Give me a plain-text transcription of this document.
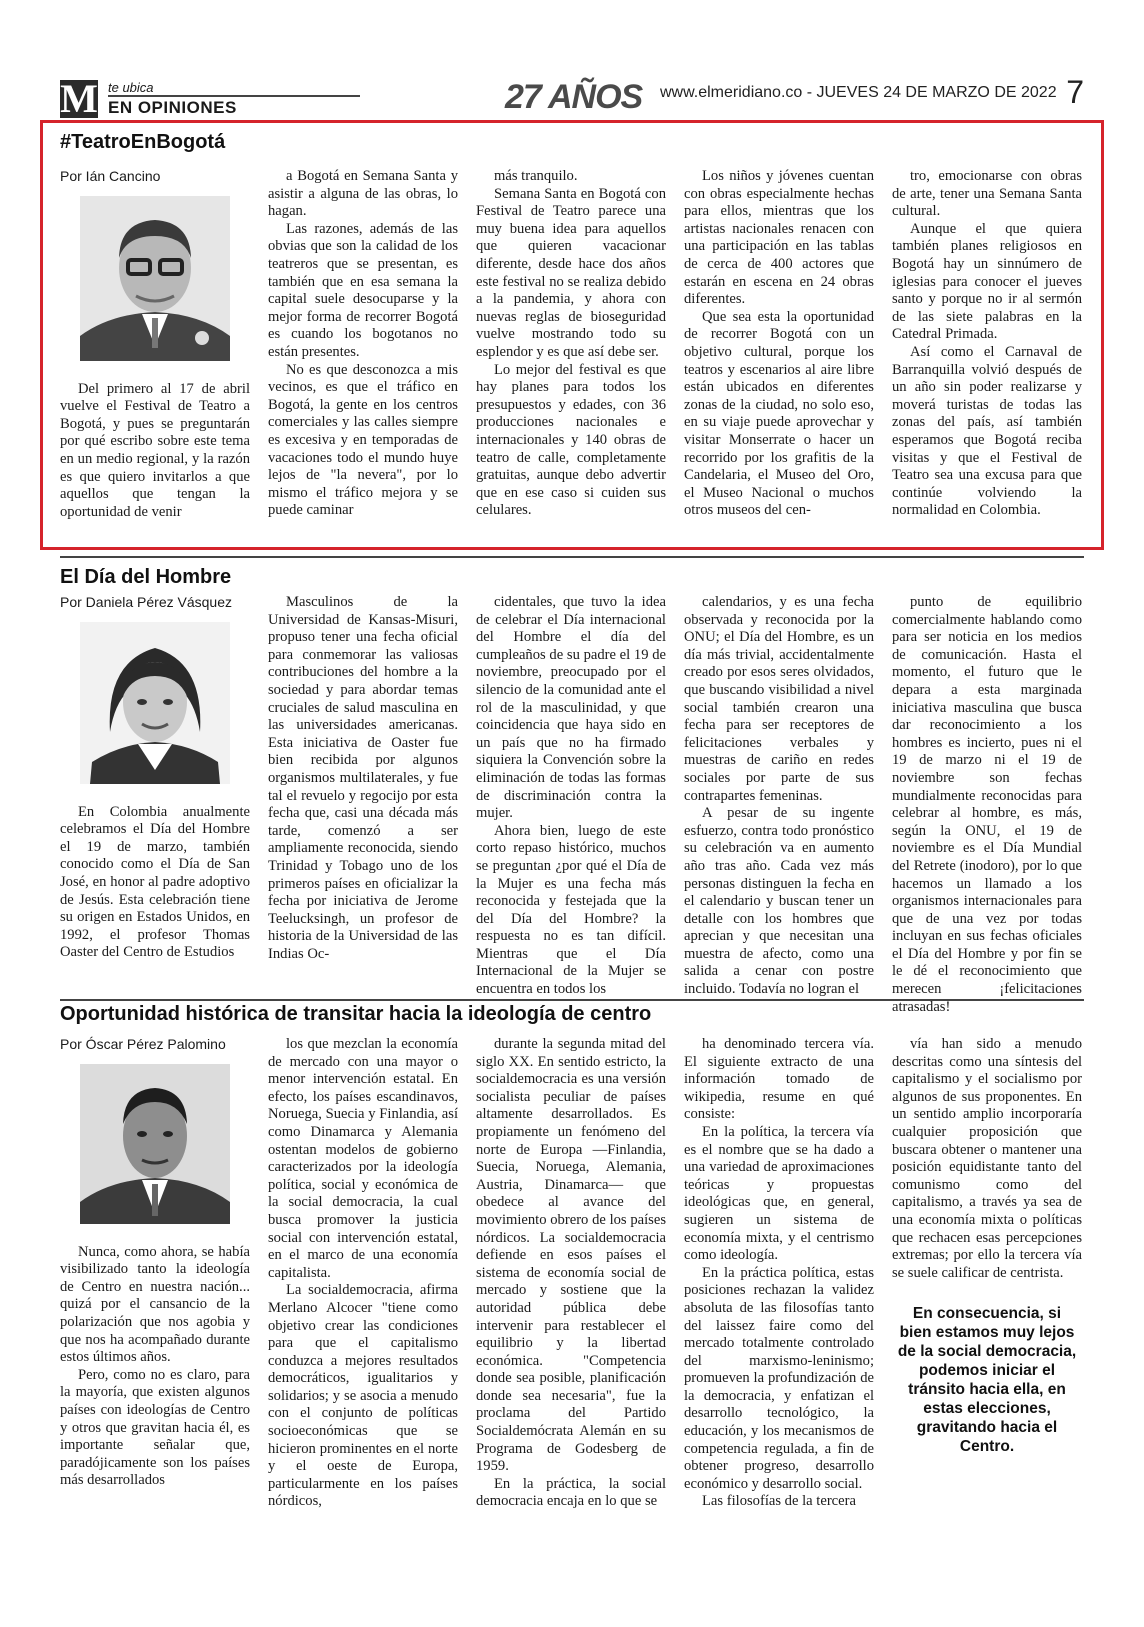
M te ubica
EN OPINIONES	27 AÑOS www.elmeridiano.co - JUEVES 24 DE MARZO DE 2022 7
#TeatroEnBogotá
Por Ián Cancino

Del primero al 17 de abril vuelve el Festival de Teatro a Bogotá, y pues se preguntarán por qué escribo sobre este tema en un medio regional, y la razón es que quiero invitarlos a que aquellos que tengan la oportunidad de venir

a Bogotá en Semana Santa y asistir a alguna de las obras, lo hagan.

Las razones, además de las obvias que son la calidad de los teatreros que se presentan, es también que en esa semana la capital suele desocuparse y la mejor forma de recorrer Bogotá es cuando los bogotanos no están presentes.

No es que desconozca a mis vecinos, es que el tráfico en Bogotá, la gente en los centros comerciales y las calles siempre es excesiva y en temporadas de vacaciones todo el mundo huye lejos de "la nevera", por lo mismo el tráfico mejora y se puede caminar

más tranquilo.

Semana Santa en Bogotá con Festival de Teatro parece una muy buena idea para aquellos que quieren vacacionar diferente, desde hace dos años este festival no se realiza debido a la pandemia, y ahora con nuevas reglas de bioseguridad vuelve mostrando todo su esplendor y es que así debe ser.

Lo mejor del festival es que hay planes para todos los presupuestos y edades, con 36 producciones nacionales e internacionales y 140 obras de teatro de calle, completamente gratuitas, aunque debo advertir que en ese caso si cuiden sus celulares.

Los niños y jóvenes cuentan con obras especialmente hechas para ellos, mientras que los artistas nacionales renacen con una participación en las tablas de cerca de 400 actores que estarán en escena en 24 obras diferentes.

Que sea esta la oportunidad de recorrer Bogotá con un objetivo cultural, porque los teatros y escenarios al aire libre están ubicados en diferentes zonas de la ciudad, no solo eso, en su viaje puede aprovechar y visitar Monserrate o hacer un recorrido por los grafitis de la Candelaria, el Museo del Oro, el Museo Nacional o muchos otros museos del cen-

tro, emocionarse con obras de arte, tener una Semana Santa cultural.

Aunque el que quiera también planes religiosos en Bogotá hay un sinnúmero de iglesias para conocer el jueves santo y porque no ir al sermón de las siete palabras en la Catedral Primada.

Así como el Carnaval de Barranquilla volvió después de un año sin poder realizarse y moverá turistas de todas las zonas del país, así también esperamos que Bogotá reciba visitas y que el Festival de Teatro sea una excusa para que continúe volviendo la normalidad en Colombia.

El Día del Hombre
Por Daniela Pérez Vásquez

En Colombia anualmente celebramos el Día del Hombre el 19 de marzo, también conocido como el Día de San José, en honor al padre adoptivo de Jesús. Esta celebración tiene su origen en Estados Unidos, en 1992, el profesor Thomas Oaster del Centro de Estudios

Masculinos de la Universidad de Kansas-Misuri, propuso tener una fecha oficial para conmemorar las valiosas contribuciones del hombre a la sociedad y para abordar temas cruciales de salud masculina en las universidades americanas. Esta iniciativa de Oaster fue bien recibida por algunos organismos multilaterales, y fue tal el revuelo y regocijo por esta fecha que, casi una década más tarde, comenzó a ser ampliamente reconocida, siendo Trinidad y Tobago uno de los primeros países en oficializar la fecha por iniciativa de Jerome Teelucksingh, un profesor de historia de la Universidad de las Indias Oc-

cidentales, que tuvo la idea de celebrar el Día internacional del Hombre el día del cumpleaños de su padre el 19 de noviembre, preocupado por el silencio de la comunidad ante el rol de la masculinidad, y que coincidencia que haya sido en un país que no ha firmado siquiera la Convención sobre la eliminación de todas las formas de discriminación contra la mujer.

Ahora bien, luego de este corto repaso histórico, muchos se preguntan ¿por qué el Día de la Mujer es una fecha más reconocida y festejada que la del Día del Hombre? la respuesta no es tan difícil. Mientras que el Día Internacional de la Mujer se encuentra en todos los

calendarios, y es una fecha observada y reconocida por la ONU; el Día del Hombre, es un día más trivial, accidentalmente creado por esos seres olvidados, que buscando visibilidad a nivel social también crearon una fecha para ser receptores de felicitaciones verbales y muestras de cariño en redes sociales por parte de sus contrapartes femeninas.

A pesar de su ingente esfuerzo, contra todo pronóstico su celebración va en aumento año tras año. Cada vez más personas distinguen la fecha en el calendario y buscan tener un detalle con los hombres que aprecian y que necesitan una muestra de afecto, como una salida a cenar con postre incluido. Todavía no logran el

punto de equilibrio comercialmente hablando como para ser noticia en los medios de comunicación. Hasta el momento, el futuro que le depara a esta marginada iniciativa masculina que busca dar reconocimiento a los hombres es incierto, pues ni el 19 de marzo ni el 19 de noviembre son fechas mundialmente reconocidas para celebrar al hombre, es más, según la ONU, el 19 de noviembre es el Día Mundial del Retrete (inodoro), por lo que hacemos un llamado a los organismos internacionales para que de una vez por todas incluyan en sus fechas oficiales el Día del Hombre y por fin se le dé el reconocimiento que merecen ¡felicitaciones atrasadas!

Oportunidad histórica de transitar hacia la ideología de centro
Por Óscar Pérez Palomino

Nunca, como ahora, se había visibilizado tanto la ideología de Centro en nuestra nación... quizá por el cansancio de la polarización que nos agobia y que nos ha acompañado durante estos últimos años.

Pero, como no es claro, para la mayoría, que existen algunos países con ideologías de Centro y otros que gravitan hacia él, es importante señalar que, paradójicamente son los países más desarrollados

los que mezclan la economía de mercado con una mayor o menor intervención estatal. En efecto, los países escandinavos, Noruega, Suecia y Finlandia, así como Dinamarca y Alemania ostentan modelos de gobierno caracterizados por la ideología política, social y económica de la social democracia, la cual busca promover la justicia social con intervención estatal, en el marco de una economía capitalista.

La socialdemocracia, afirma Merlano Alcocer "tiene como objetivo crear las condiciones para que el capitalismo conduzca a mejores resultados democráticos, igualitarios y solidarios; y se asocia a menudo con el conjunto de políticas socioeconómicas que se hicieron prominentes en el norte y el oeste de Europa, particularmente en los países nórdicos,

durante la segunda mitad del siglo XX. En sentido estricto, la socialdemocracia es una versión socialista peculiar de países altamente desarrollados. Es propiamente un fenómeno del norte de Europa —Finlandia, Suecia, Noruega, Alemania, Austria, Dinamarca— que obedece al avance del movimiento obrero de los países nórdicos. La socialdemocracia defiende en esos países el sistema de economía social de mercado y sostiene que la autoridad pública debe intervenir para restablecer el equilibrio y la libertad económica. "Competencia donde sea posible, planificación donde sea necesaria", fue la proclama del Partido Socialdemócrata Alemán en su Programa de Godesberg de 1959.

En la práctica, la social democracia encaja en lo que se

ha denominado tercera vía. El siguiente extracto de una información tomado de wikipedia, resume en qué consiste:

En la política, la tercera vía es el nombre que se ha dado a una variedad de aproximaciones teóricas y propuestas ideológicas que, en general, sugieren un sistema de economía mixta, y el centrismo como ideología.

En la práctica política, estas posiciones rechazan la validez absoluta de las filosofías tanto del laissez faire como del mercado totalmente controlado del marxismo-leninismo; promueven la profundización de la democracia, y enfatizan el desarrollo tecnológico, la educación, y los mecanismos de competencia regulada, a fin de obtener progreso, desarrollo económico y desarrollo social.

Las filosofías de la tercera

vía han sido a menudo descritas como una síntesis del capitalismo y el socialismo por algunos de sus proponentes. En un sentido amplio incorporaría cualquier proposición que buscara obtener o mantener una posición equidistante tanto del comunismo como del capitalismo, a través ya sea de una economía mixta o políticas que rechacen esas percepciones extremas; por ello la tercera vía se suele calificar de centrista.

En consecuencia, si bien estamos muy lejos de la social democracia, podemos iniciar el tránsito hacia ella, en estas elecciones, gravitando hacia el Centro.
